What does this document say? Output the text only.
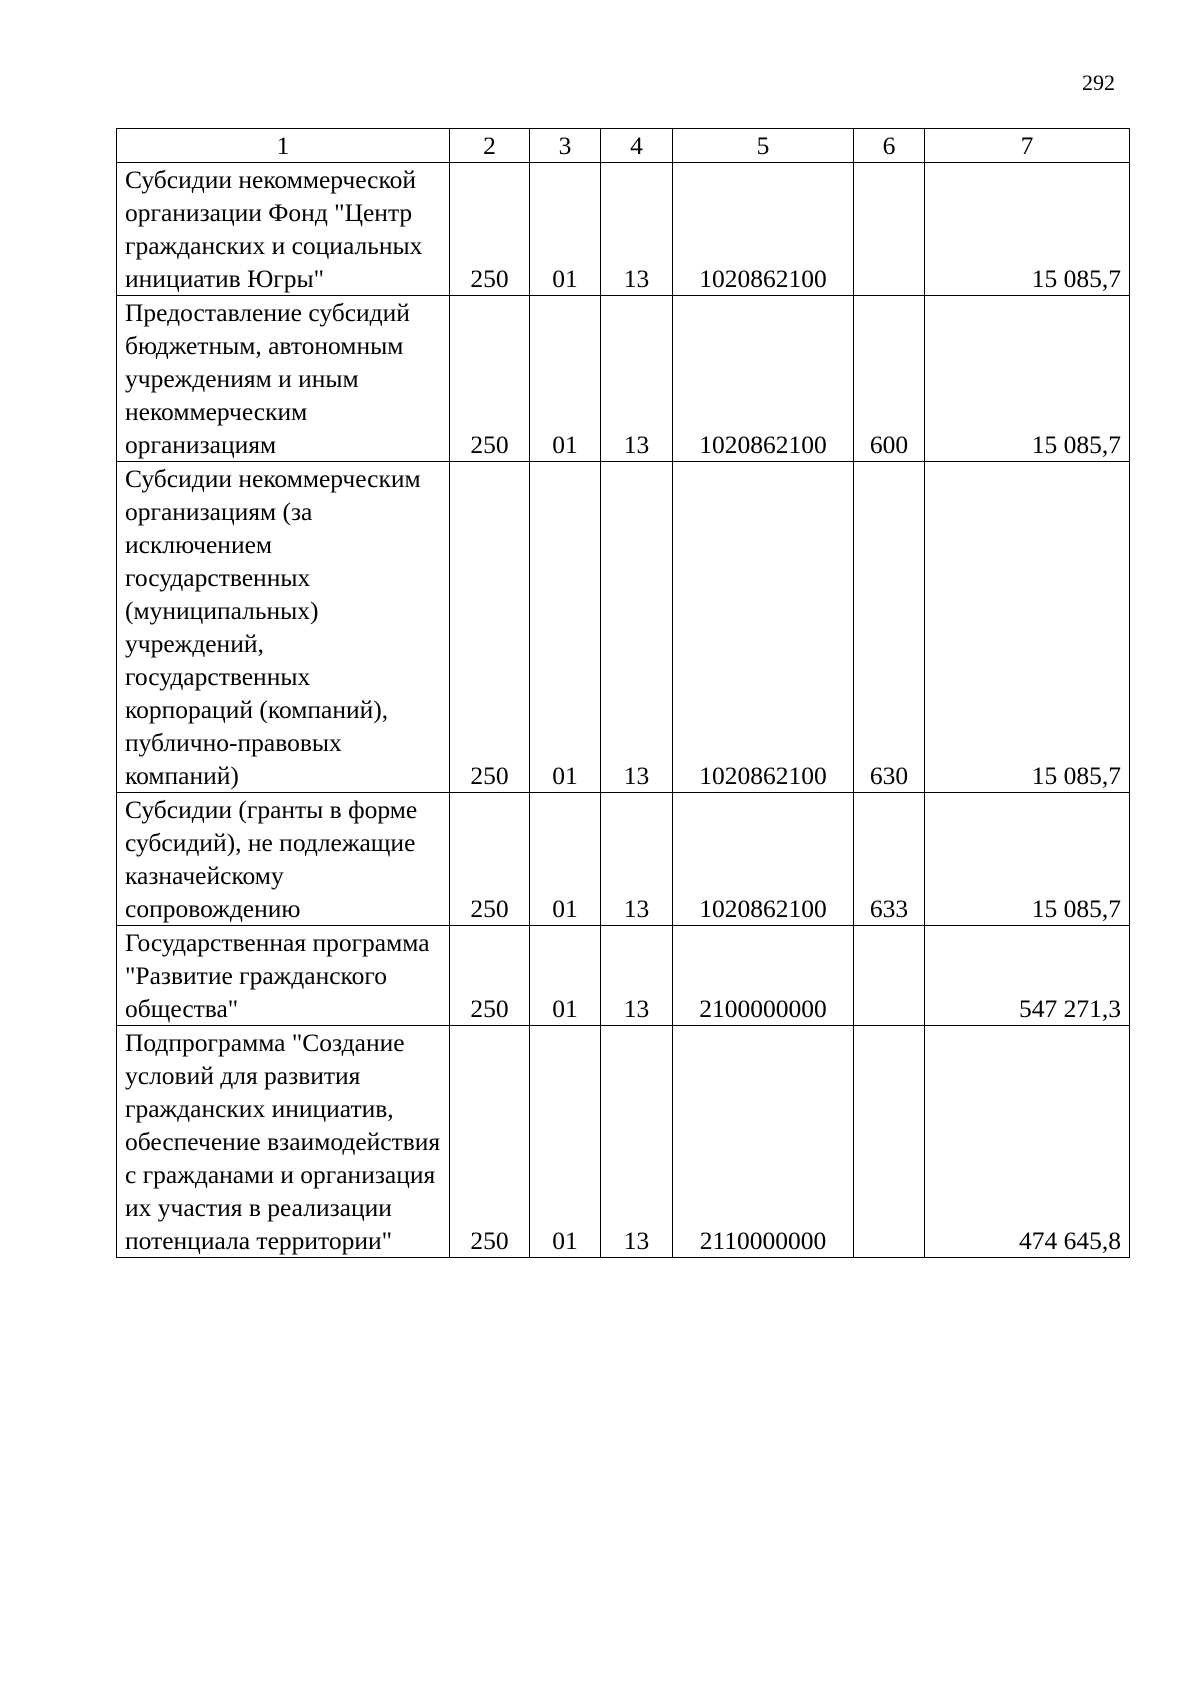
292
1	2	3	4	5	6	7
Субсидии некоммерческой организации Фонд "Центр гражданских и социальных инициатив Югры"	250	01	13	1020862100		15 085,7
Предоставление субсидий бюджетным, автономным учреждениям и иным некоммерческим организациям	250	01	13	1020862100	600	15 085,7
Субсидии некоммерческим организациям (за исключением государственных (муниципальных) учреждений, государственных корпораций (компаний), публично-правовых компаний)	250	01	13	1020862100	630	15 085,7
Субсидии (гранты в форме субсидий), не подлежащие казначейскому сопровождению	250	01	13	1020862100	633	15 085,7
Государственная программа "Развитие гражданского общества"	250	01	13	2100000000		547 271,3
Подпрограмма "Создание условий для развития гражданских инициатив, обеспечение взаимодействия с гражданами и организация их участия в реализации потенциала территории"	250	01	13	2110000000		474 645,8
